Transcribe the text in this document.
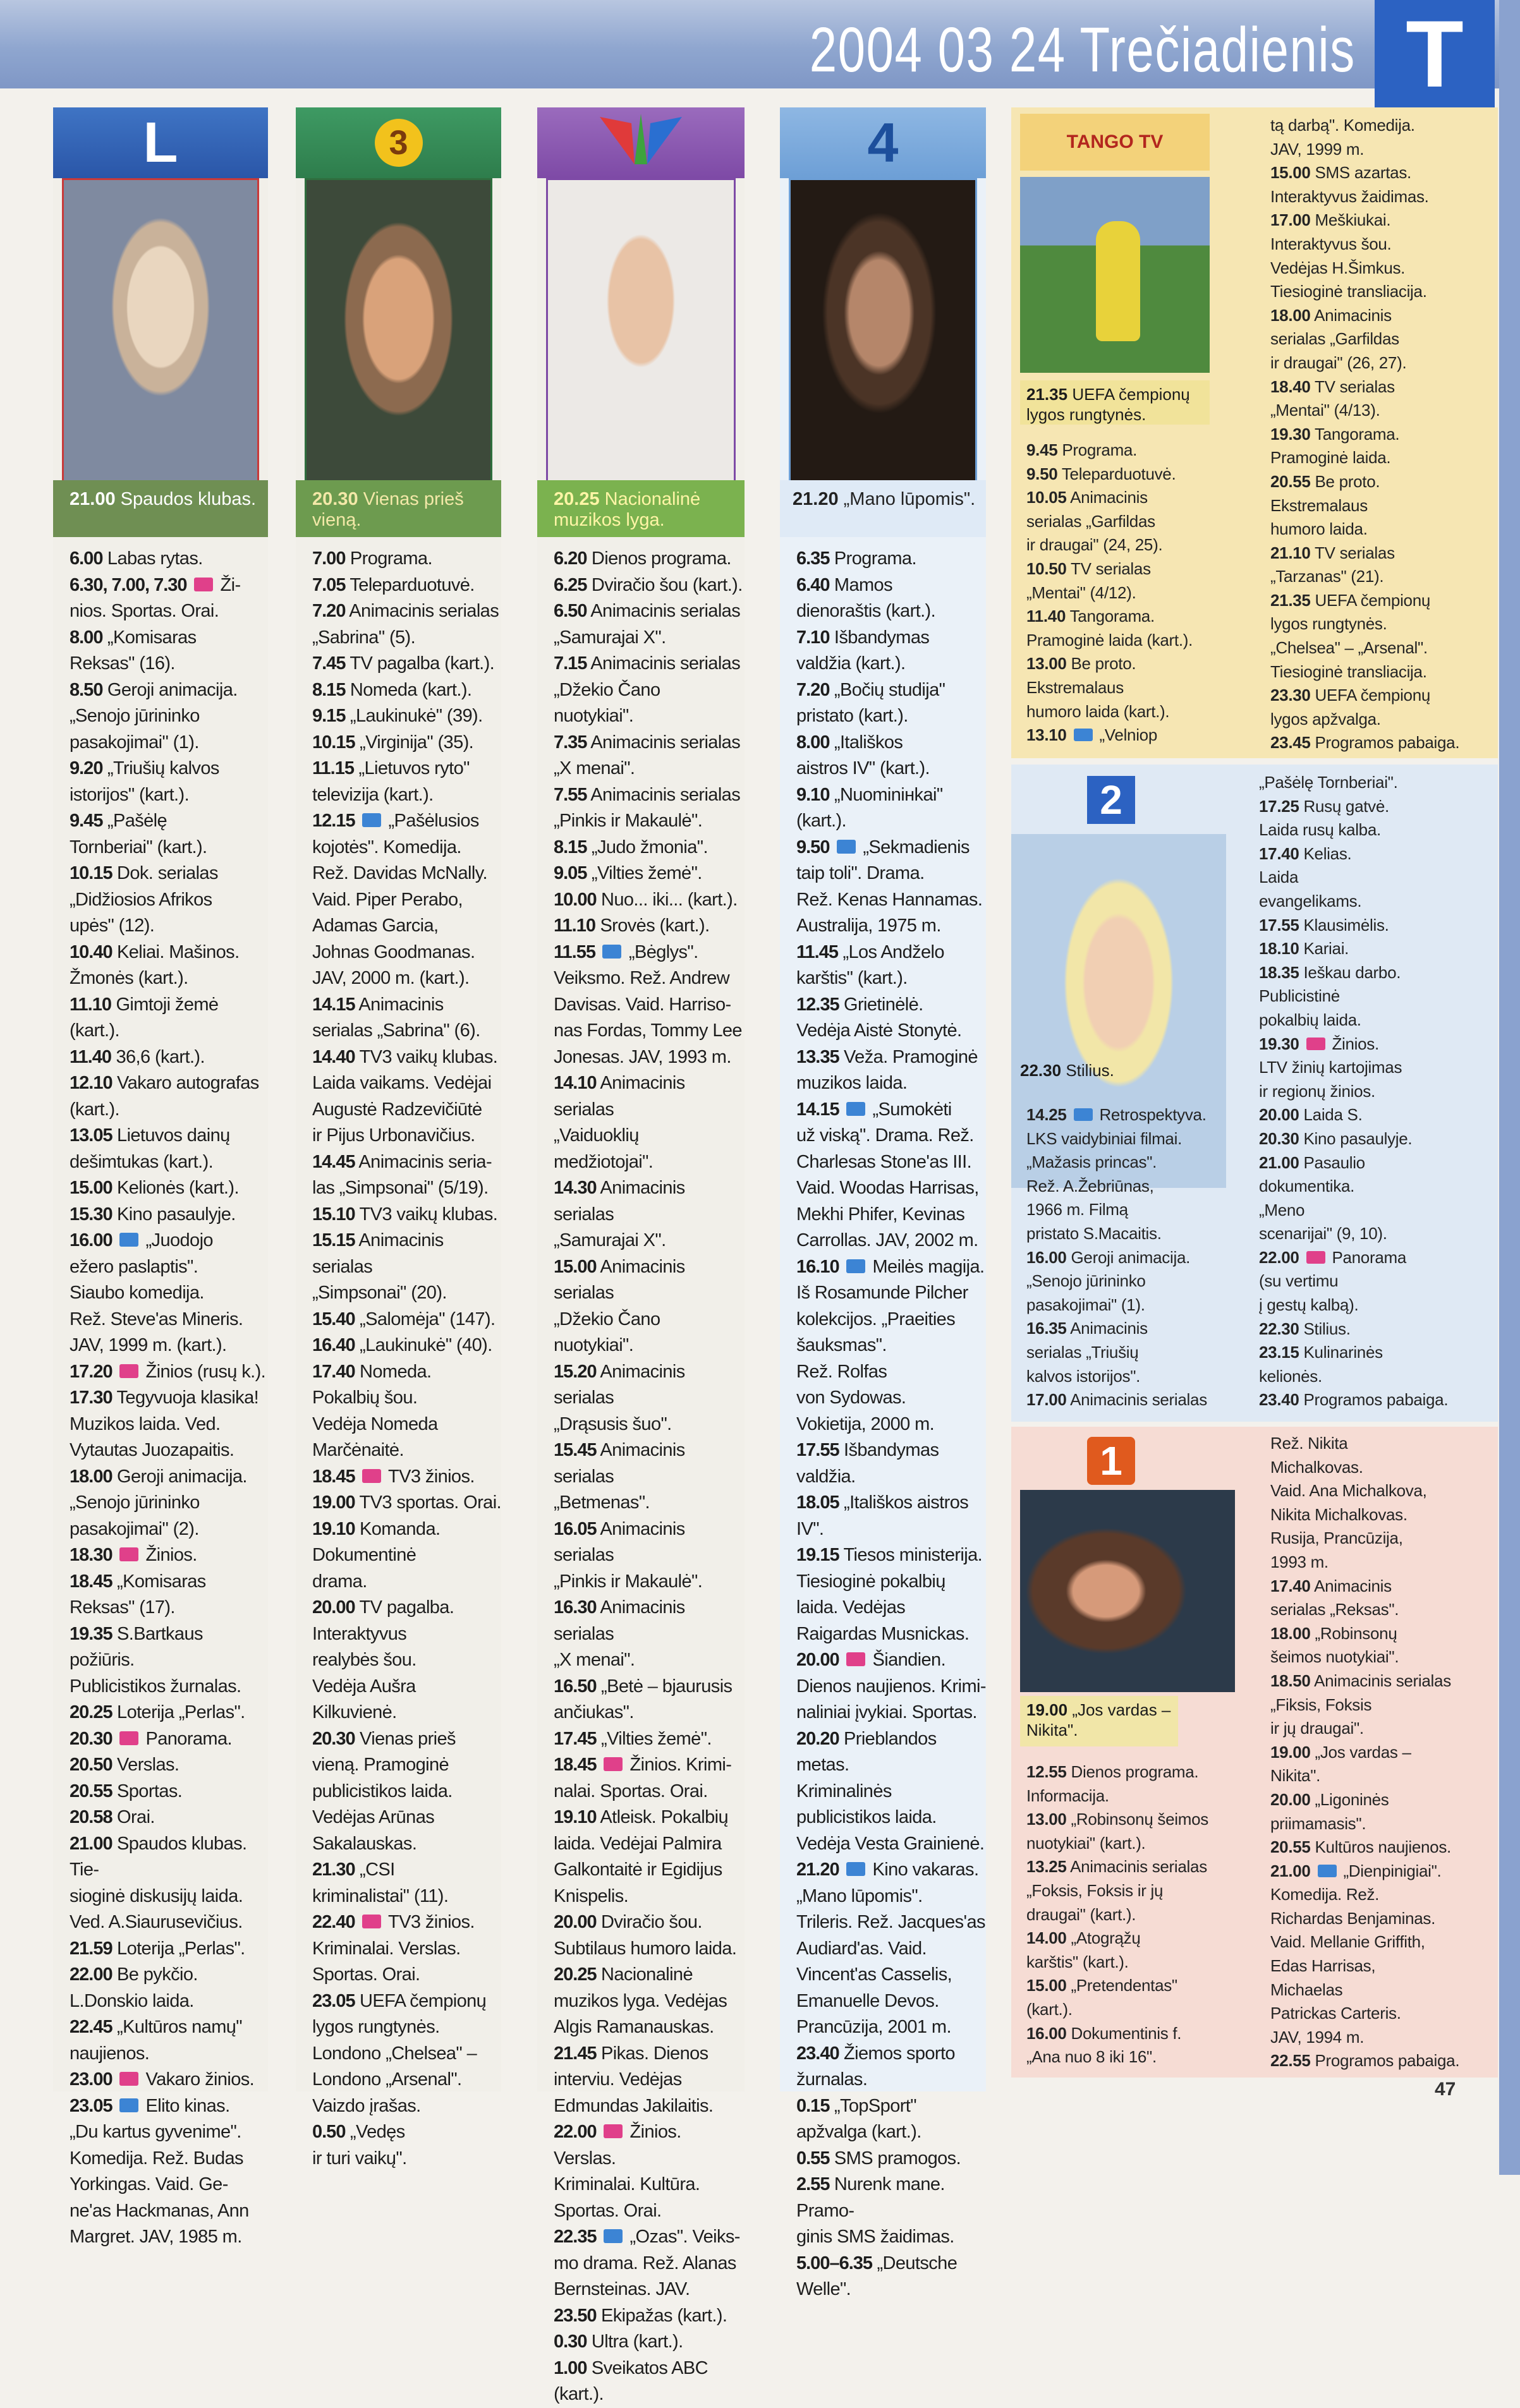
2004 03 24 Trečiadienis T
L
21.00 Spaudos klubas.
6.00 Labas rytas.
6.30, 7.00, 7.30  Ži-
nios. Sportas. Orai.
8.00 „Komisaras
Reksas" (16).
8.50 Geroji animacija.
„Senojo jūrininko
pasakojimai" (1).
9.20 „Triušių kalvos
istorijos" (kart.).
9.45 „Pašėlę
Tornberiai" (kart.).
10.15 Dok. serialas
„Didžiosios Afrikos
upės" (12).
10.40 Keliai. Mašinos.
Žmonės (kart.).
11.10 Gimtoji žemė (kart.).
11.40 36,6 (kart.).
12.10 Vakaro autografas
(kart.).
13.05 Lietuvos dainų
dešimtukas (kart.).
15.00 Kelionės (kart.).
15.30 Kino pasaulyje.
16.00  „Juodojo
ežero paslaptis".
Siaubo komedija.
Rež. Steve'as Mineris.
JAV, 1999 m. (kart.).
17.20  Žinios (rusų k.).
17.30 Tegyvuoja klasika!
Muzikos laida. Ved.
Vytautas Juozapaitis.
18.00 Geroji animacija.
„Senojo jūrininko
pasakojimai" (2).
18.30  Žinios.
18.45 „Komisaras
Reksas" (17).
19.35 S.Bartkaus požiūris.
Publicistikos žurnalas.
20.25 Loterija „Perlas".
20.30  Panorama.
20.50 Verslas.
20.55 Sportas.
20.58 Orai.
21.00 Spaudos klubas. Tie-
sioginė diskusijų laida.
Ved. A.Siaurusevičius.
21.59 Loterija „Perlas".
22.00 Be pykčio.
L.Donskio laida.
22.45 „Kultūros namų"
naujienos.
23.00  Vakaro žinios.
23.05  Elito kinas.
„Du kartus gyvenime".
Komedija. Rež. Budas
Yorkingas. Vaid. Ge-
ne'as Hackmanas, Ann
Margret. JAV, 1985 m.
3
20.30 Vienas prieš vieną.
7.00 Programa.
7.05 Teleparduotuvė.
7.20 Animacinis serialas
„Sabrina" (5).
7.45 TV pagalba (kart.).
8.15 Nomeda (kart.).
9.15 „Laukinukė" (39).
10.15 „Virginija" (35).
11.15 „Lietuvos ryto"
televizija (kart.).
12.15  „Pašėlusios
kojotės". Komedija.
Rež. Davidas McNally.
Vaid. Piper Perabo,
Adamas Garcia,
Johnas Goodmanas.
JAV, 2000 m. (kart.).
14.15 Animacinis
serialas „Sabrina" (6).
14.40 TV3 vaikų klubas.
Laida vaikams. Vedėjai
Augustė Radzevičiūtė
ir Pijus Urbonavičius.
14.45 Animacinis seria-
las „Simpsonai" (5/19).
15.10 TV3 vaikų klubas.
15.15 Animacinis
serialas
„Simpsonai" (20).
15.40 „Salomėja" (147).
16.40 „Laukinukė" (40).
17.40 Nomeda.
Pokalbių šou.
Vedėja Nomeda
Marčėnaitė.
18.45  TV3 žinios.
19.00 TV3 sportas. Orai.
19.10 Komanda.
Dokumentinė
drama.
20.00 TV pagalba.
Interaktyvus
realybės šou.
Vedėja Aušra
Kilkuvienė.
20.30 Vienas prieš
vieną. Pramoginė
publicistikos laida.
Vedėjas Arūnas
Sakalauskas.
21.30 „CSI
kriminalistai" (11).
22.40  TV3 žinios.
Kriminalai. Verslas.
Sportas. Orai.
23.05 UEFA čempionų
lygos rungtynės.
Londono „Chelsea" –
Londono „Arsenal".
Vaizdo įrašas.
0.50 „Vedęs
ir turi vaikų".
20.25 Nacionalinė muzikos lyga.
6.20 Dienos programa.
6.25 Dviračio šou (kart.).
6.50 Animacinis serialas
„Samurajai X".
7.15 Animacinis serialas
„Džekio Čano
nuotykiai".
7.35 Animacinis serialas
„X menai".
7.55 Animacinis serialas
„Pinkis ir Makaulė".
8.15 „Judo žmonia".
9.05 „Vilties žemė".
10.00 Nuo... iki... (kart.).
11.10 Srovės (kart.).
11.55  „Bėglys".
Veiksmo. Rež. Andrew
Davisas. Vaid. Harriso-
nas Fordas, Tommy Lee
Jonesas. JAV, 1993 m.
14.10 Animacinis serialas
„Vaiduoklių
medžiotojai".
14.30 Animacinis serialas
„Samurajai X".
15.00 Animacinis serialas
„Džekio Čano
nuotykiai".
15.20 Animacinis serialas
„Drąsusis šuo".
15.45 Animacinis serialas
„Betmenas".
16.05 Animacinis serialas
„Pinkis ir Makaulė".
16.30 Animacinis serialas
„X menai".
16.50 „Betė – bjaurusis
ančiukas".
17.45 „Vilties žemė".
18.45  Žinios. Krimi-
nalai. Sportas. Orai.
19.10 Atleisk. Pokalbių
laida. Vedėjai Palmira
Galkontaitė ir Egidijus
Knispelis.
20.00 Dviračio šou.
Subtilaus humoro laida.
20.25 Nacionalinė
muzikos lyga. Vedėjas
Algis Ramanauskas.
21.45 Pikas. Dienos
interviu. Vedėjas
Edmundas Jakilaitis.
22.00  Žinios. Verslas.
Kriminalai. Kultūra.
Sportas. Orai.
22.35  „Ozas". Veiks-
mo drama. Rež. Alanas
Bernsteinas. JAV.
23.50 Ekipažas (kart.).
0.30 Ultra (kart.).
1.00 Sveikatos ABC (kart.).
4
21.20 „Mano lūpomis".
6.35 Programa.
6.40 Mamos
dienoraštis (kart.).
7.10 Išbandymas
valdžia (kart.).
7.20 „Bočių studija"
pristato (kart.).
8.00 „Itališkos
aistros IV" (kart.).
9.10 „Nuominінkai" (kart.).
9.50  „Sekmadienis
taip toli". Drama.
Rež. Kenas Hannamas.
Australija, 1975 m.
11.45 „Los Andželo
karštis" (kart.).
12.35 Grietinėlė.
Vedėja Aistė Stonytė.
13.35 Veža. Pramoginė
muzikos laida.
14.15  „Sumokėti
už viską". Drama. Rež.
Charlesas Stone'as III.
Vaid. Woodas Harrisas,
Mekhi Phifer, Kevinas
Carrollas. JAV, 2002 m.
16.10  Meilės magija.
Iš Rosamunde Pilcher
kolekcijos. „Praeities
šauksmas".
Rež. Rolfas
von Sydowas.
Vokietija, 2000 m.
17.55 Išbandymas valdžia.
18.05 „Itališkos aistros IV".
19.15 Tiesos ministerija.
Tiesioginė pokalbių
laida. Vedėjas
Raigardas Musnickas.
20.00  Šiandien.
Dienos naujienos. Krimi-
nalinіai įvykiai. Sportas.
20.20 Prieblandos metas.
Kriminalinės
publicistikos laida.
Vedėja Vesta Grainienė.
21.20  Kino vakaras.
„Mano lūpomis".
Trileris. Rež. Jacques'as
Audiard'as. Vaid.
Vincent'as Casselis,
Emanuelle Devos.
Prancūzija, 2001 m.
23.40 Žiemos sporto
žurnalas.
0.15 „TopSport"
apžvalga (kart.).
0.55 SMS pramogos.
2.55 Nurenk mane. Pramo-
ginis SMS žaidimas.
5.00–6.35 „Deutsche
Welle".
TANGO TV
21.35 UEFA čempionų lygos rungtynės.
9.45 Programa.
9.50 Teleparduotuvė.
10.05 Animacinis
serialas „Garfildas
ir draugai" (24, 25).
10.50 TV serialas
„Mentai" (4/12).
11.40 Tangorama.
Pramoginė laida (kart.).
13.00 Be proto.
Ekstremalaus
humoro laida (kart.).
13.10  „Velniop
tą darbą". Komedija.
JAV, 1999 m.
15.00 SMS azartas.
Interaktyvus žaidimas.
17.00 Meškiukai.
Interaktyvus šou.
Vedėjas H.Šimkus.
Tiesioginė transliacija.
18.00 Animacinis
serialas „Garfildas
ir draugai" (26, 27).
18.40 TV serialas
„Mentai" (4/13).
19.30 Tangorama.
Pramoginė laida.
20.55 Be proto.
Ekstremalaus
humoro laida.
21.10 TV serialas
„Tarzanas" (21).
21.35 UEFA čempionų
lygos rungtynės.
„Chelsea" – „Arsenal".
Tiesioginė transliacija.
23.30 UEFA čempionų
lygos apžvalga.
23.45 Programos pabaiga.
2
22.30 Stilius.
14.25  Retrospektyva.
LKS vaidybiniai filmai.
„Mažasis princas".
Rež. A.Žebriūnas,
1966 m. Filmą
pristato S.Macaitis.
16.00 Geroji animacija.
„Senojo jūrininko
pasakojimai" (1).
16.35 Animacinis
serialas „Triušių
kalvos istorijos".
17.00 Animacinis serialas
„Pašėlę Tornberiai".
17.25 Rusų gatvė.
Laida rusų kalba.
17.40 Kelias.
Laida
evangelikams.
17.55 Klausimėlis.
18.10 Kariai.
18.35 Ieškau darbo.
Publicistinė
pokalbių laida.
19.30  Žinios.
LTV žinių kartojimas
ir regionų žinios.
20.00 Laida S.
20.30 Kino pasaulyje.
21.00 Pasaulio
dokumentika.
„Meno
scenarijai" (9, 10).
22.00  Panorama
(su vertimu
į gestų kalbą).
22.30 Stilius.
23.15 Kulinarinės
kelionės.
23.40 Programos pabaiga.
1
19.00 „Jos vardas – Nikita".
12.55 Dienos programa.
Informacija.
13.00 „Robinsonų šeimos
nuotykiai" (kart.).
13.25 Animacinis serialas
„Foksis, Foksis ir jų
draugai" (kart.).
14.00 „Atogrąžų
karštis" (kart.).
15.00 „Pretendentas"
(kart.).
16.00 Dokumentinis f.
„Ana nuo 8 iki 16".
Rež. Nikita
Michalkovas.
Vaid. Ana Michalkova,
Nikita Michalkovas.
Rusija, Prancūzija,
1993 m.
17.40 Animacinis
serialas „Reksas".
18.00 „Robinsonų
šeimos nuotykiai".
18.50 Animacinis serialas
„Fiksis, Foksis
ir jų draugai".
19.00 „Jos vardas –
Nikita".
20.00 „Ligoninės
priimamasis".
20.55 Kultūros naujienos.
21.00  „Dienpinigiai".
Komedija. Rež.
Richardas Benjaminas.
Vaid. Mellanie Griffith,
Edas Harrisas,
Michaelas
Patrickas Carteris.
JAV, 1994 m.
22.55 Programos pabaiga.
47
